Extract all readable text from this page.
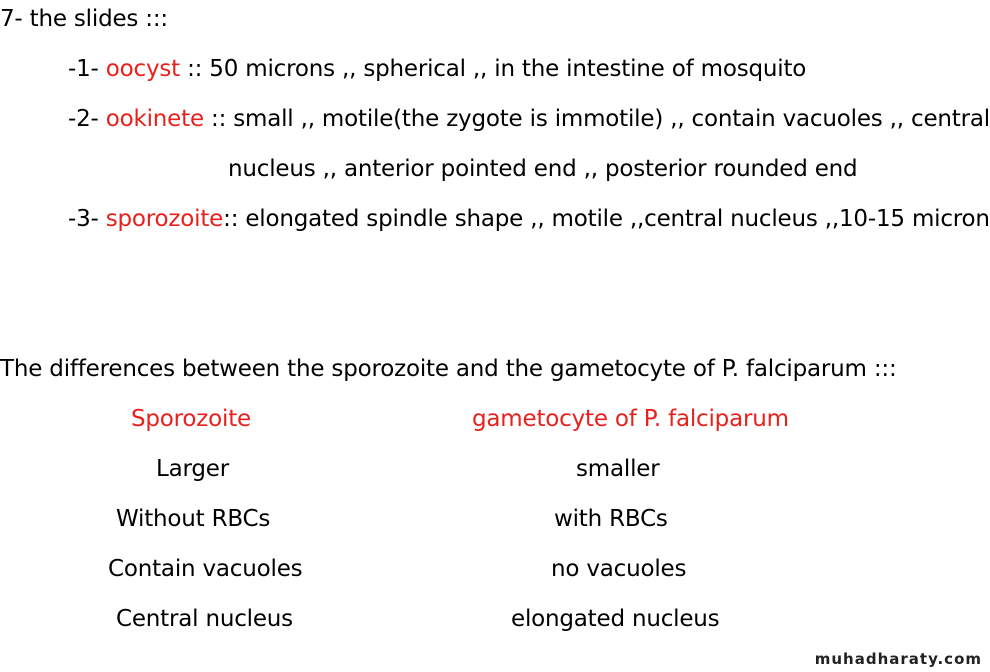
7- the slides :::
-1- oocyst :: 50 microns ,, spherical ,, in the intestine of mosquito
-2- ookinete :: small ,, motile(the zygote is immotile) ,, contain vacuoles ,, central
nucleus ,, anterior pointed end ,, posterior rounded end
-3- sporozoite:: elongated spindle shape ,, motile ,,central nucleus ,,10-15 micron
The differences between the sporozoite and the gametocyte of P. falciparum :::
Sporozoite	gametocyte of P. falciparum
Larger	smaller
Without RBCs	with RBCs
Contain vacuoles	no vacuoles
Central nucleus	elongated nucleus
muhadharaty.com
